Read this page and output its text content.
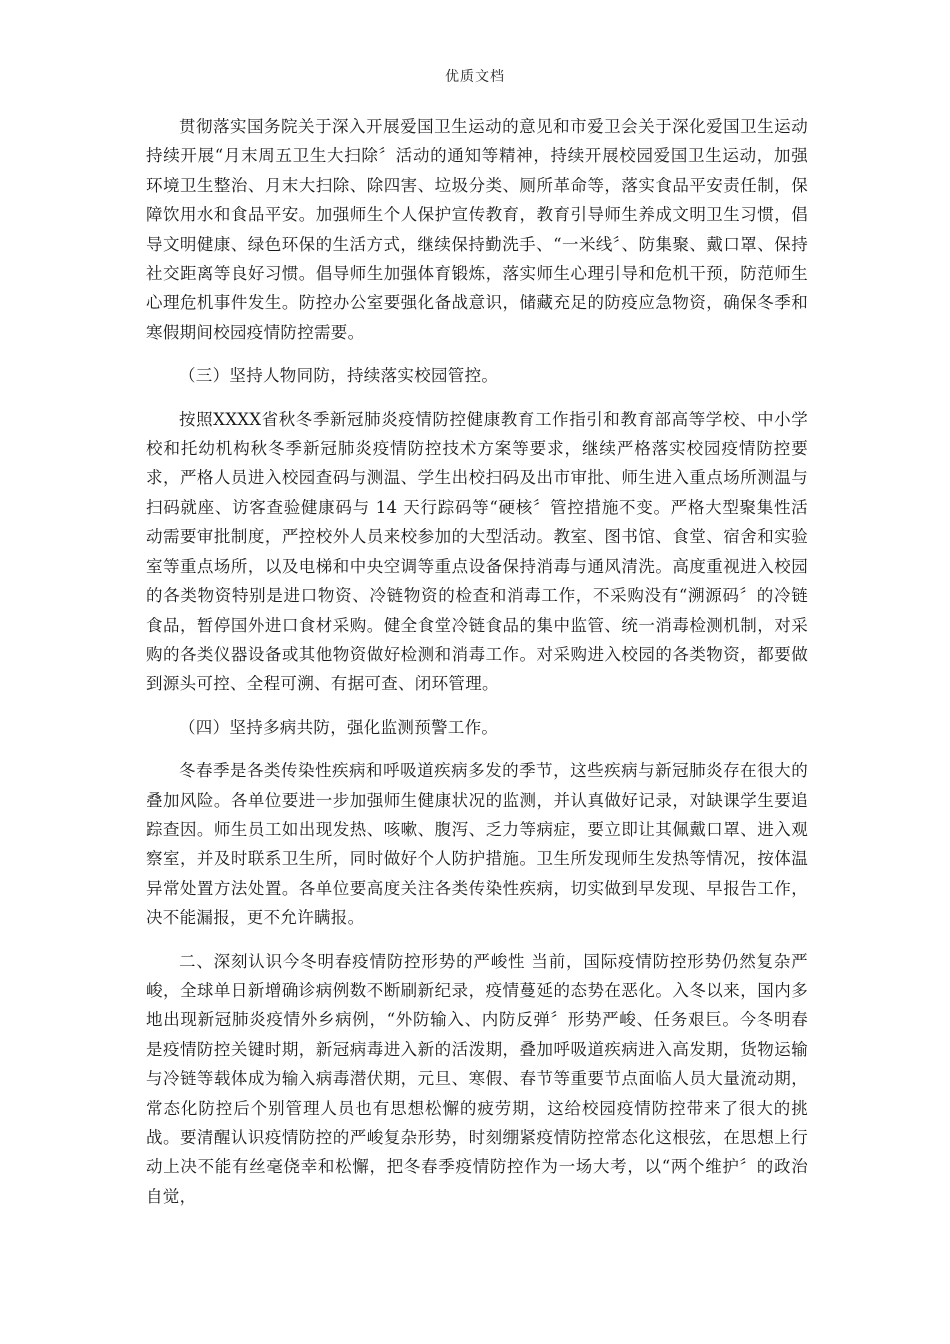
优质文档

贯彻落实国务院关于深入开展爱国卫生运动的意见和市爱卫会关于深化爱国卫生运动持续开展“月末周五卫生大扫除〞活动的通知等精神，持续开展校园爱国卫生运动，加强环境卫生整治、月末大扫除、除四害、垃圾分类、厕所革命等，落实食品平安责任制，保障饮用水和食品平安。加强师生个人保护宣传教育，教育引导师生养成文明卫生习惯，倡导文明健康、绿色环保的生活方式，继续保持勤洗手、“一米线〞、防集聚、戴口罩、保持社交距离等良好习惯。倡导师生加强体育锻炼，落实师生心理引导和危机干预，防范师生心理危机事件发生。防控办公室要强化备战意识，储藏充足的防疫应急物资，确保冬季和寒假期间校园疫情防控需要。

（三）坚持人物同防，持续落实校园管控。

按照XXXX省秋冬季新冠肺炎疫情防控健康教育工作指引和教育部高等学校、中小学校和托幼机构秋冬季新冠肺炎疫情防控技术方案等要求，继续严格落实校园疫情防控要求，严格人员进入校园查码与测温、学生出校扫码及出市审批、师生进入重点场所测温与扫码就座、访客查验健康码与 14 天行踪码等“硬核〞管控措施不变。严格大型聚集性活动需要审批制度，严控校外人员来校参加的大型活动。教室、图书馆、食堂、宿舍和实验室等重点场所，以及电梯和中央空调等重点设备保持消毒与通风清洗。高度重视进入校园的各类物资特别是进口物资、冷链物资的检查和消毒工作，不采购没有“溯源码〞的冷链食品，暂停国外进口食材采购。健全食堂冷链食品的集中监管、统一消毒检测机制，对采购的各类仪器设备或其他物资做好检测和消毒工作。对采购进入校园的各类物资，都要做到源头可控、全程可溯、有据可查、闭环管理。

（四）坚持多病共防，强化监测预警工作。

冬春季是各类传染性疾病和呼吸道疾病多发的季节，这些疾病与新冠肺炎存在很大的叠加风险。各单位要进一步加强师生健康状况的监测，并认真做好记录，对缺课学生要追踪查因。师生员工如出现发热、咳嗽、腹泻、乏力等病症，要立即让其佩戴口罩、进入观察室，并及时联系卫生所，同时做好个人防护措施。卫生所发现师生发热等情况，按体温异常处置方法处置。各单位要高度关注各类传染性疾病，切实做到早发现、早报告工作，决不能漏报，更不允许瞒报。

二、深刻认识今冬明春疫情防控形势的严峻性 当前，国际疫情防控形势仍然复杂严峻，全球单日新增确诊病例数不断刷新纪录，疫情蔓延的态势在恶化。入冬以来，国内多地出现新冠肺炎疫情外乡病例，“外防输入、内防反弹〞形势严峻、任务艰巨。今冬明春是疫情防控关键时期，新冠病毒进入新的活泼期，叠加呼吸道疾病进入高发期，货物运输与冷链等载体成为输入病毒潜伏期，元旦、寒假、春节等重要节点面临人员大量流动期，常态化防控后个别管理人员也有思想松懈的疲劳期，这给校园疫情防控带来了很大的挑战。要清醒认识疫情防控的严峻复杂形势，时刻绷紧疫情防控常态化这根弦，在思想上行动上决不能有丝毫侥幸和松懈，把冬春季疫情防控作为一场大考，以“两个维护〞的政治自觉，
